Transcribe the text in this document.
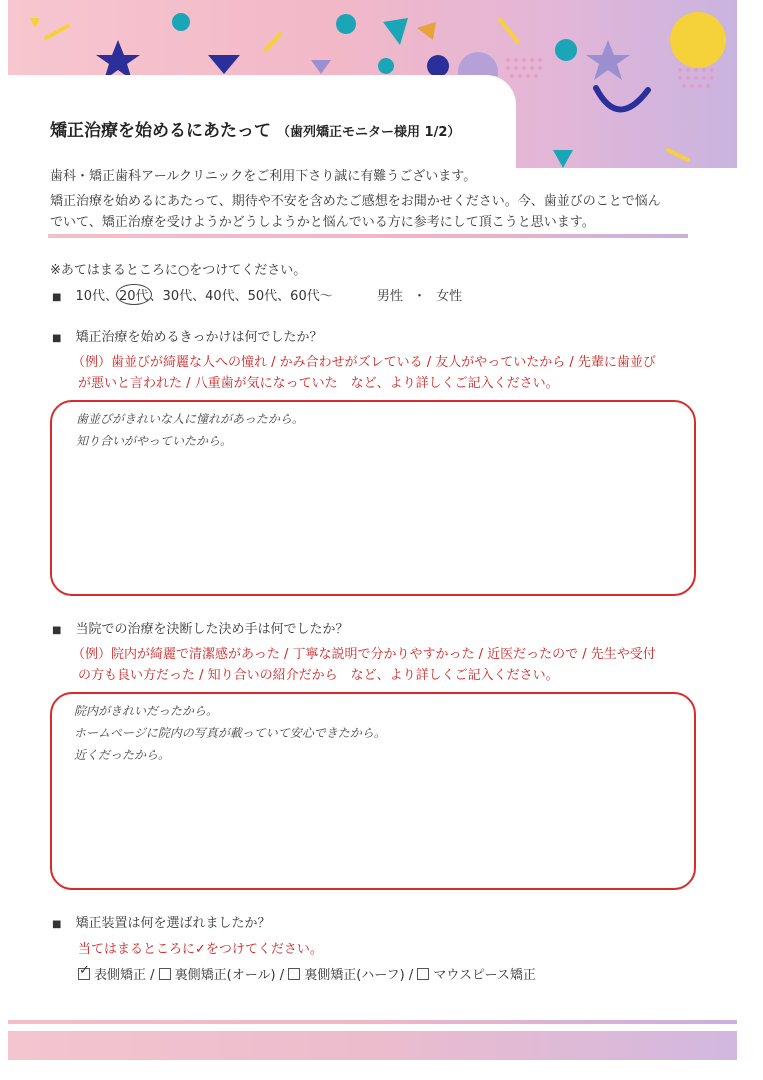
矯正治療を始めるにあたって （歯列矯正モニター様用 1/2）
歯科・矯正歯科アールクリニックをご利用下さり誠に有難うございます。
矯正治療を始めるにあたって、期待や不安を含めたご感想をお聞かせください。今、歯並びのことで悩ん
でいて、矯正治療を受けようかどうしようかと悩んでいる方に参考にして頂こうと思います。
※あてはまるところに○をつけてください。
■ 10代、20代、30代、40代、50代、60代～	男性 ・ 女性
■ 矯正治療を始めるきっかけは何でしたか？
（例）歯並びが綺麗な人への憧れ / かみ合わせがズレている / 友人がやっていたから / 先輩に歯並び
が悪いと言われた / 八重歯が気になっていた　など、より詳しくご記入ください。
歯並びがきれいな人に憧れがあったから。
知り合いがやっていたから。
■ 当院での治療を決断した決め手は何でしたか？
（例）院内が綺麗で清潔感があった / 丁寧な説明で分かりやすかった / 近医だったので / 先生や受付
の方も良い方だった / 知り合いの紹介だから　など、より詳しくご記入ください。
院内がきれいだったから。
ホームページに院内の写真が載っていて安心できたから。
近くだったから。
■ 矯正装置は何を選ばれましたか？
当てはまるところに✓をつけてください。
✓表側矯正 / 裏側矯正(オール) / 裏側矯正(ハーフ) / マウスピース矯正
